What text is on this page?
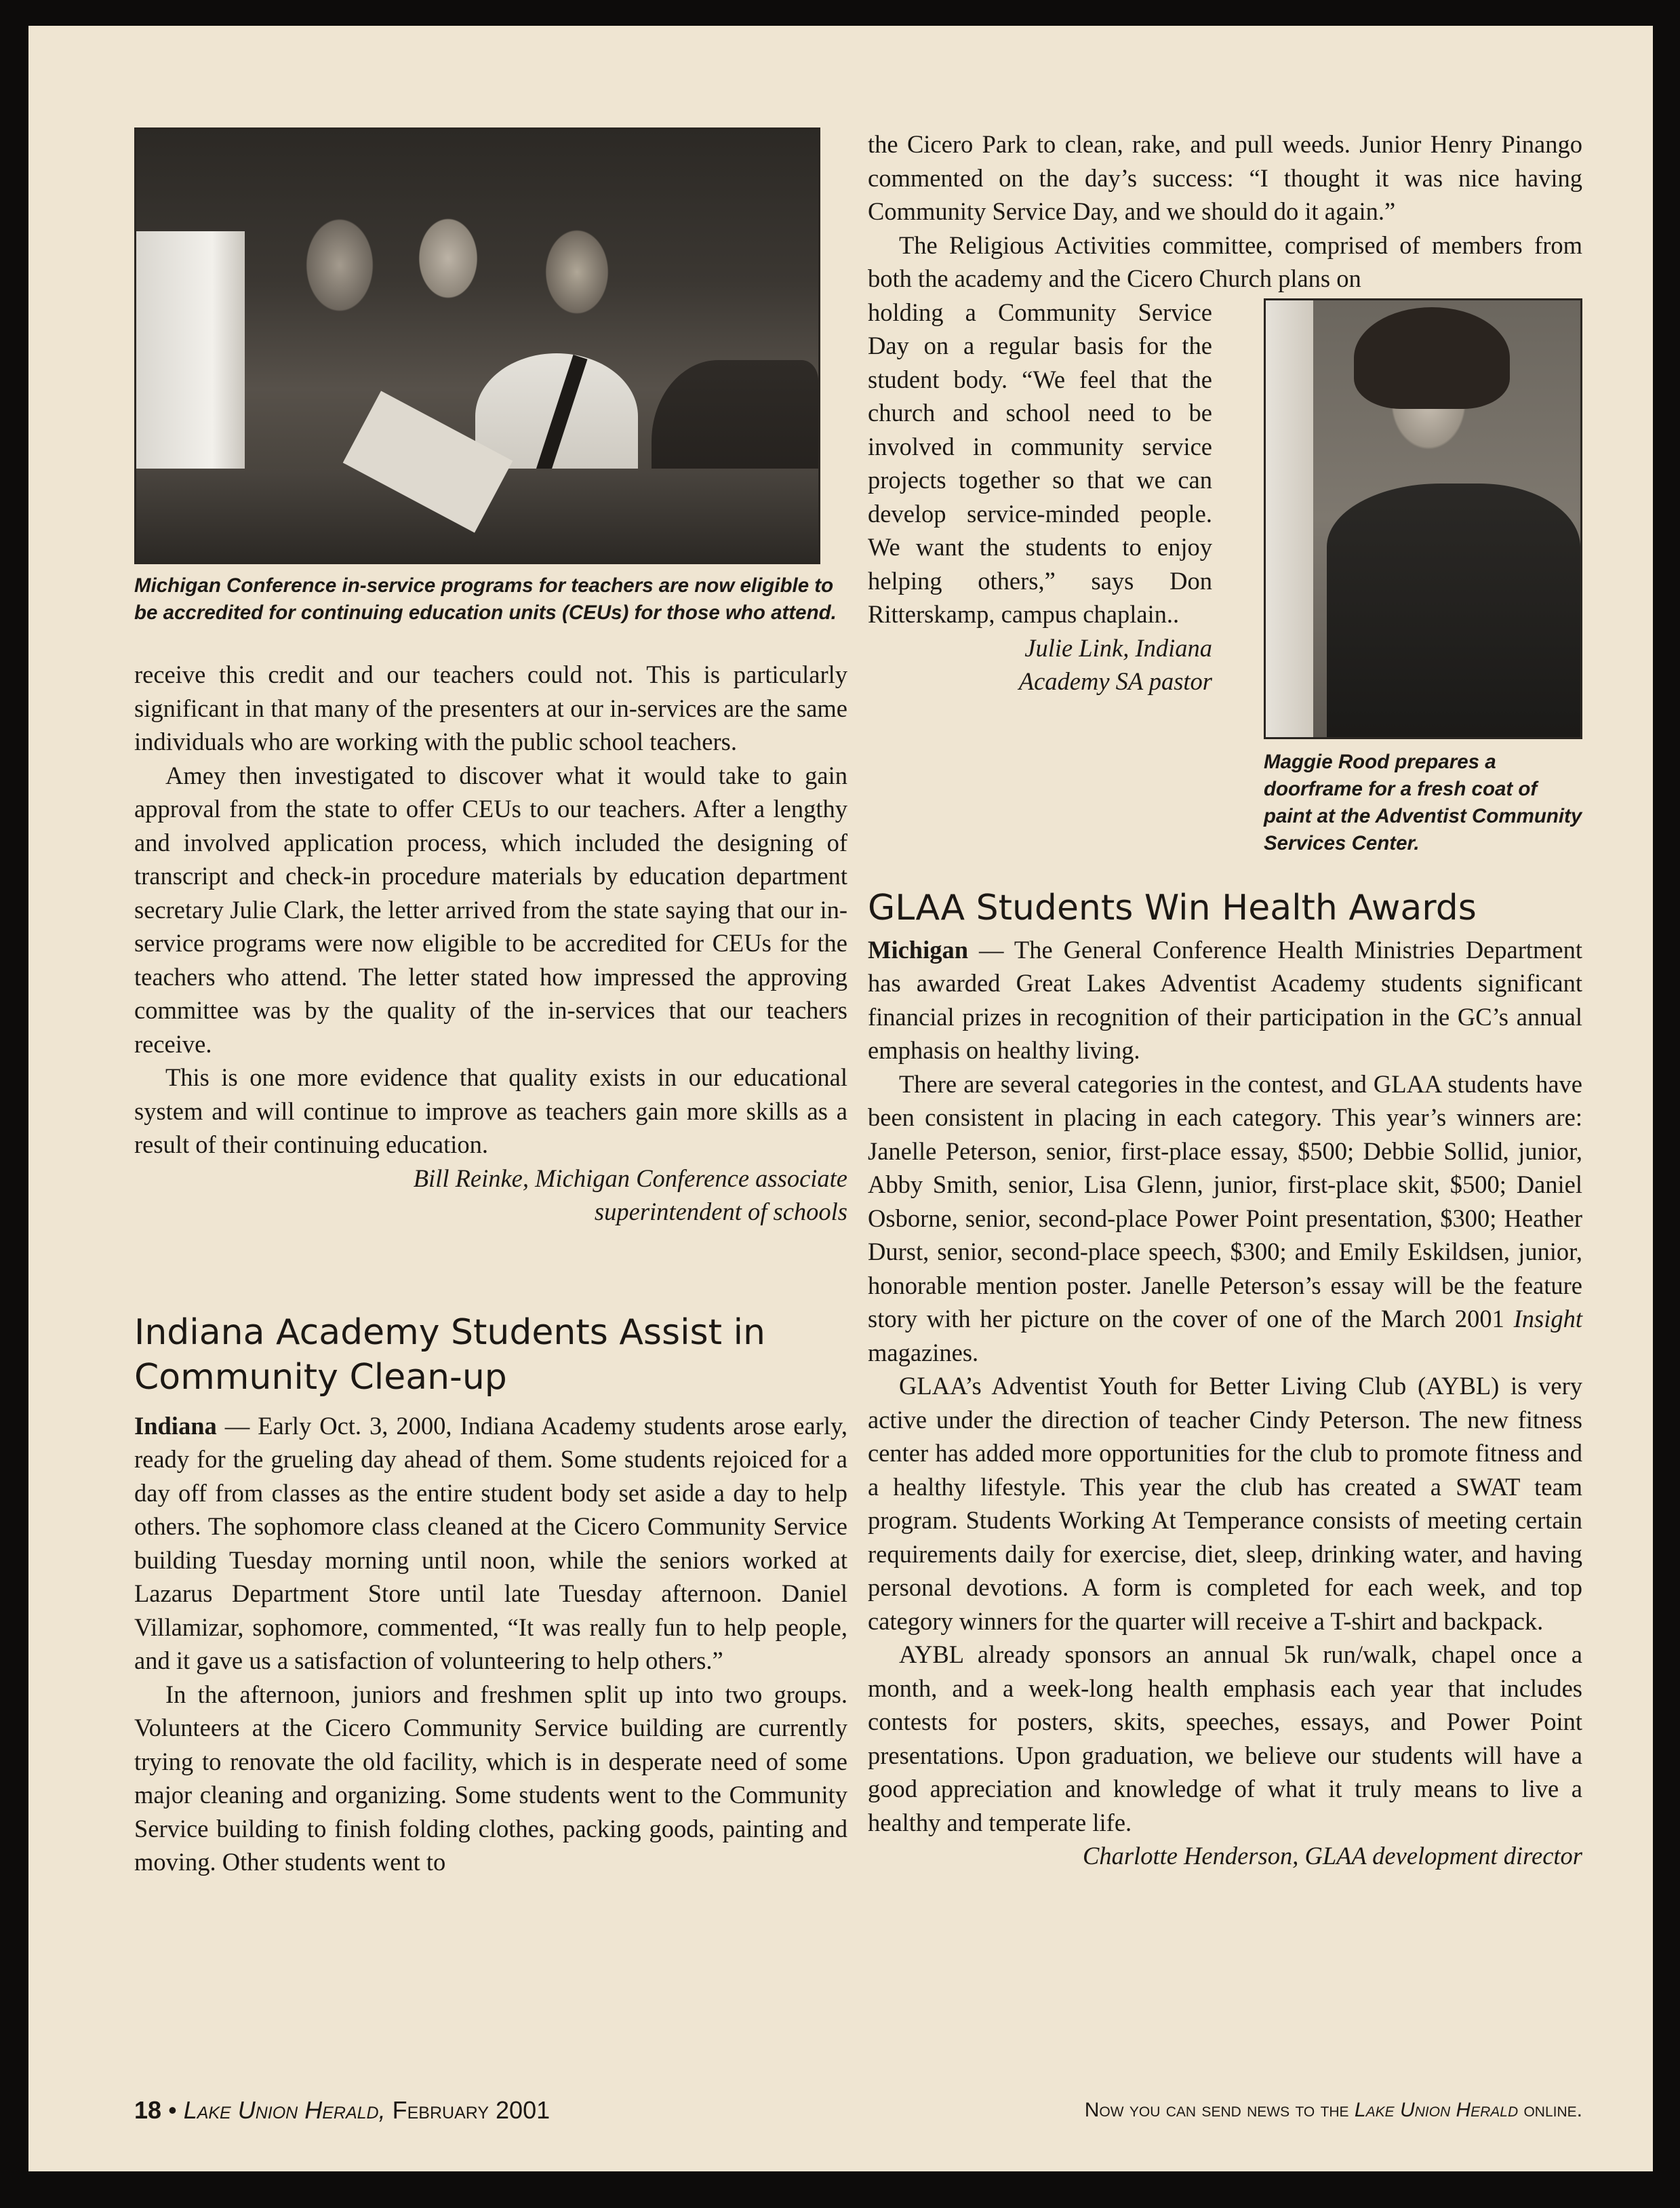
Michigan Conference in-service programs for teachers are now eligible to be accredited for continuing education units (CEUs) for those who attend.

receive this credit and our teachers could not. This is particularly significant in that many of the presenters at our in-services are the same individuals who are working with the public school teachers.

Amey then investigated to discover what it would take to gain approval from the state to offer CEUs to our teachers. After a lengthy and involved application process, which included the designing of transcript and check-in procedure materials by education department secretary Julie Clark, the letter arrived from the state saying that our in-service programs were now eligible to be accredited for CEUs for the teachers who attend. The letter stated how impressed the approving committee was by the quality of the in-services that our teachers receive.

This is one more evidence that quality exists in our educational system and will continue to improve as teachers gain more skills as a result of their continuing education.

Bill Reinke, Michigan Conference associate

superintendent of schools

Indiana Academy Students Assist in Community Clean-up

Indiana — Early Oct. 3, 2000, Indiana Academy students arose early, ready for the grueling day ahead of them. Some students rejoiced for a day off from classes as the entire student body set aside a day to help others. The sophomore class cleaned at the Cicero Community Service building Tuesday morning until noon, while the seniors worked at Lazarus Department Store until late Tuesday afternoon. Daniel Villamizar, sophomore, commented, “It was really fun to help people, and it gave us a satisfaction of volunteering to help others.”

In the afternoon, juniors and freshmen split up into two groups. Volunteers at the Cicero Community Service building are currently trying to renovate the old facility, which is in desperate need of some major cleaning and organizing. Some students went to the Community Service building to finish folding clothes, packing goods, painting and moving. Other students went to

the Cicero Park to clean, rake, and pull weeds. Junior Henry Pinango commented on the day’s success: “I thought it was nice having Community Service Day, and we should do it again.”

The Religious Activities committee, comprised of members from both the academy and the Cicero Church plans on

Maggie Rood prepares a doorframe for a fresh coat of paint at the Adventist Community Services Center.

holding a Community Service Day on a regular basis for the student body. “We feel that the church and school need to be involved in community service projects together so that we can develop service-minded people. We want the students to enjoy helping others,” says Don Ritterskamp, campus chaplain..

Julie Link, Indiana

Academy SA pastor

GLAA Students Win Health Awards

Michigan — The General Conference Health Ministries Department has awarded Great Lakes Adventist Academy students significant financial prizes in recognition of their participation in the GC’s annual emphasis on healthy living.

There are several categories in the contest, and GLAA students have been consistent in placing in each category. This year’s winners are: Janelle Peterson, senior, first-place essay, $500; Debbie Sollid, junior, Abby Smith, senior, Lisa Glenn, junior, first-place skit, $500; Daniel Osborne, senior, second-place Power Point presentation, $300; Heather Durst, senior, second-place speech, $300; and Emily Eskildsen, junior, honorable mention poster. Janelle Peterson’s essay will be the feature story with her picture on the cover of one of the March 2001 Insight magazines.

GLAA’s Adventist Youth for Better Living Club (AYBL) is very active under the direction of teacher Cindy Peterson. The new fitness center has added more opportunities for the club to promote fitness and a healthy lifestyle. This year the club has created a SWAT team program. Students Working At Temperance consists of meeting certain requirements daily for exercise, diet, sleep, drinking water, and having personal devotions. A form is completed for each week, and top category winners for the quarter will receive a T-shirt and backpack.

AYBL already sponsors an annual 5k run/walk, chapel once a month, and a week-long health emphasis each year that includes contests for posters, skits, speeches, essays, and Power Point presentations. Upon graduation, we believe our students will have a good appreciation and knowledge of what it truly means to live a healthy and temperate life.

Charlotte Henderson, GLAA development director

18 • Lake Union Herald, February 2001	Now you can send news to the Lake Union Herald online.
